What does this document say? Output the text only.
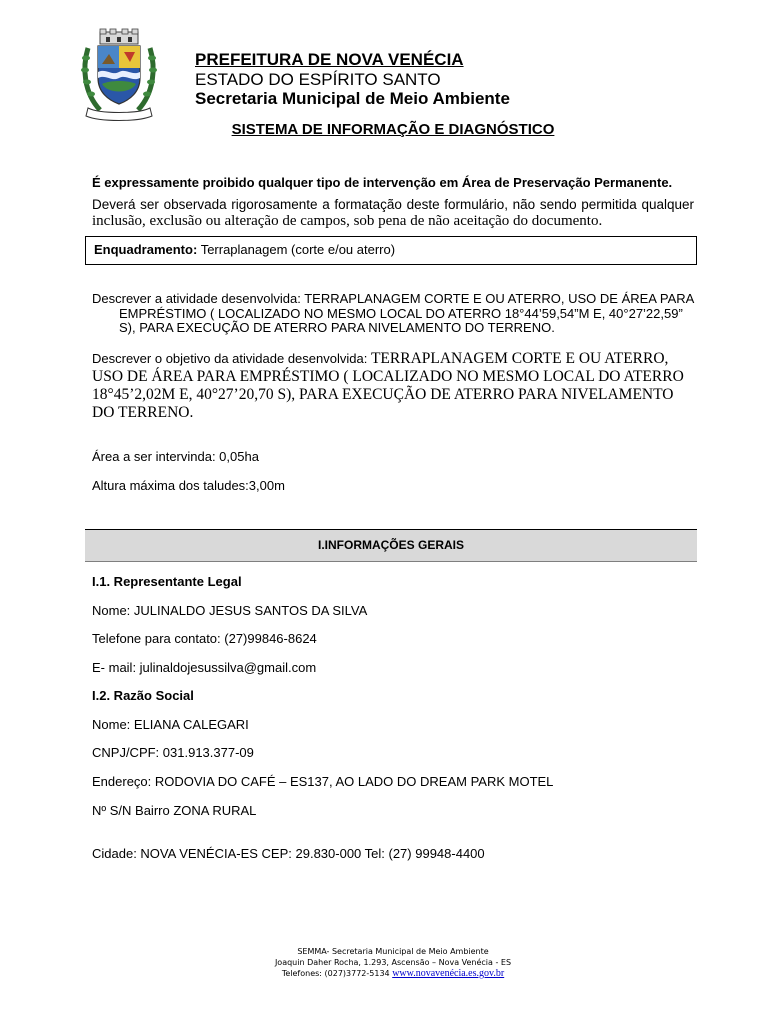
PREFEITURA DE NOVA VENÉCIA
ESTADO DO ESPÍRITO SANTO
Secretaria Municipal de Meio Ambiente
SISTEMA DE INFORMAÇÃO E DIAGNÓSTICO
É expressamente proibido qualquer tipo de intervenção em Área de Preservação Permanente.
Deverá ser observada rigorosamente a formatação deste formulário, não sendo permitida qualquer
inclusão, exclusão ou alteração de campos, sob pena de não aceitação do documento.
Enquadramento: Terraplanagem (corte e/ou aterro)
Descrever a atividade desenvolvida: TERRAPLANAGEM CORTE E OU ATERRO, USO DE ÁREA PARA
EMPRÉSTIMO ( LOCALIZADO NO MESMO LOCAL DO ATERRO 18°44’59,54”M E, 40°27’22,59”
S), PARA EXECUÇÃO DE ATERRO PARA NIVELAMENTO DO TERRENO.
Descrever o objetivo da atividade desenvolvida: TERRAPLANAGEM CORTE E OU ATERRO,
USO DE ÁREA PARA EMPRÉSTIMO ( LOCALIZADO NO MESMO LOCAL DO ATERRO
18°45’2,02M E, 40°27’20,70 S), PARA EXECUÇÃO DE ATERRO PARA NIVELAMENTO
DO TERRENO.
Área a ser intervinda: 0,05ha
Altura máxima dos taludes:3,00m
I.INFORMAÇÕES GERAIS
I.1. Representante Legal
Nome: JULINALDO JESUS SANTOS DA SILVA
Telefone para contato: (27)99846-8624
E- mail: julinaldojesussilva@gmail.com
I.2. Razão Social
Nome: ELIANA CALEGARI
CNPJ/CPF: 031.913.377-09
Endereço: RODOVIA DO CAFÉ – ES137, AO LADO DO DREAM PARK MOTEL
Nº S/N Bairro ZONA RURAL
Cidade: NOVA VENÉCIA-ES CEP: 29.830-000 Tel: (27) 99948-4400
SEMMA- Secretaria Municipal de Meio Ambiente
Joaquin Daher Rocha, 1.293, Ascensão – Nova Venécia - ES
Telefones: (027)3772-5134 www.novavenécia.es.gov.br
